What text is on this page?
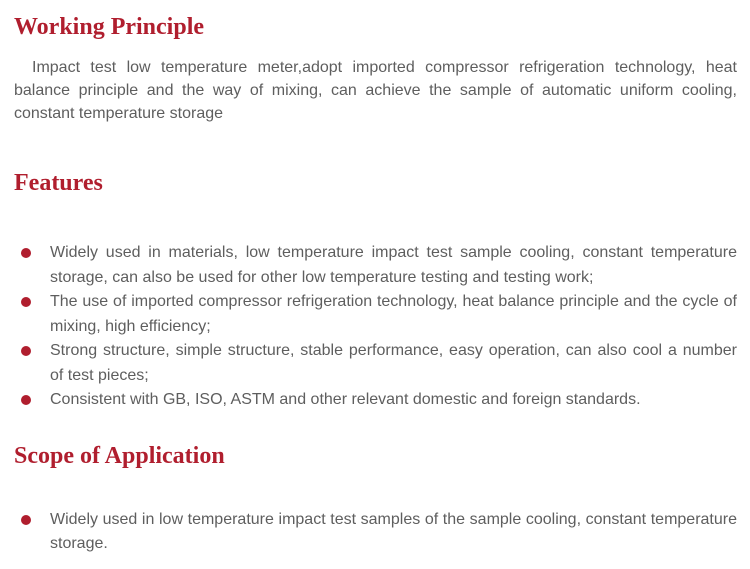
Working Principle

Impact test low temperature meter,adopt imported compressor refrigeration technology, heat balance principle and the way of mixing, can achieve the sample of automatic uniform cooling, constant temperature storage

Features
Widely used in materials, low temperature impact test sample cooling, constant temperature storage, can also be used for other low temperature testing and testing work;
The use of imported compressor refrigeration technology, heat balance principle and the cycle of mixing, high efficiency;
Strong structure, simple structure, stable performance, easy operation, can also cool a number of test pieces;
Consistent with GB, ISO, ASTM and other relevant domestic and foreign standards.
Scope of Application
Widely used in low temperature impact test samples of the sample cooling, constant temperature storage.
